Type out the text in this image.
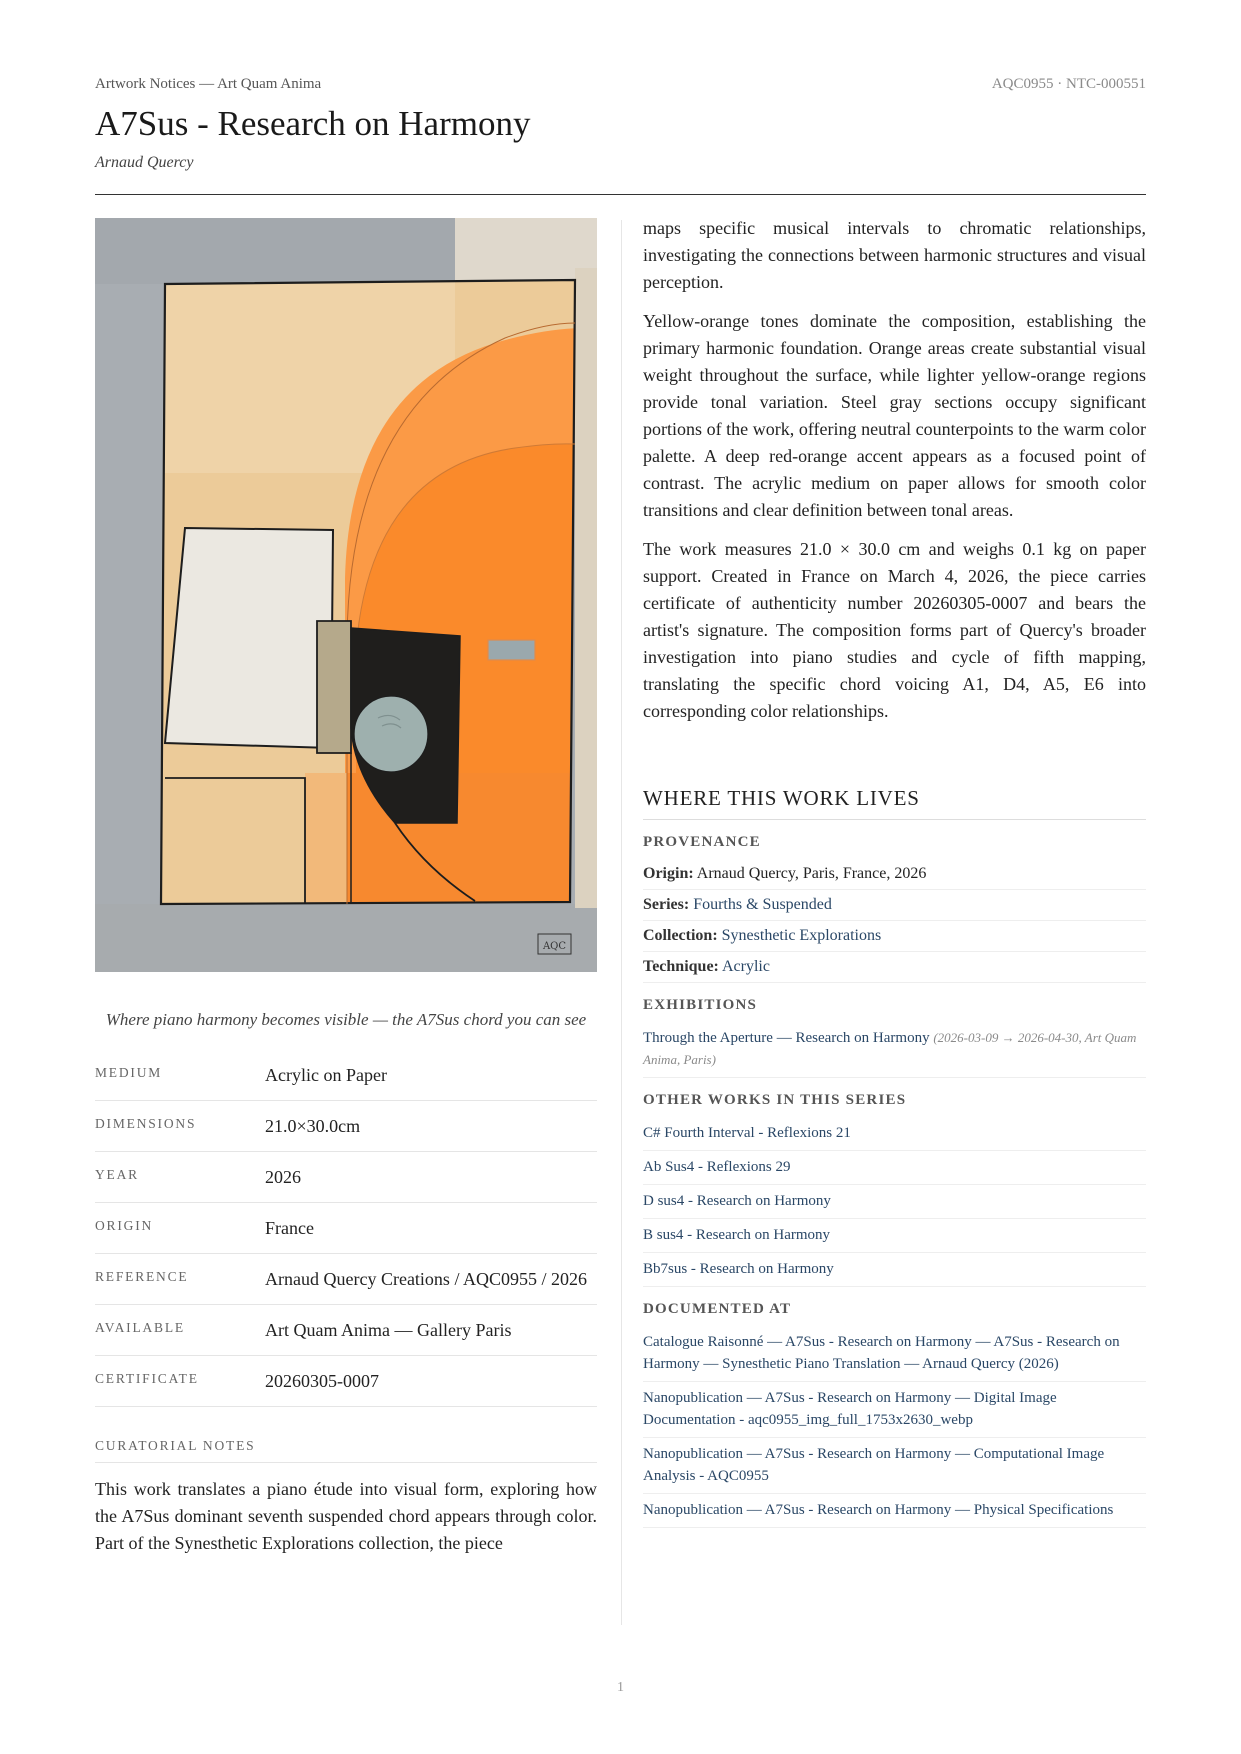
Artwork Notices — Art Quam Anima	AQC0955 · NTC-000551
A7Sus - Research on Harmony
Arnaud Quercy
AQC
Where piano harmony becomes visible — the A7Sus chord you can see
MEDIUM	Acrylic on Paper
DIMENSIONS	21.0×30.0cm
YEAR	2026
ORIGIN	France
REFERENCE	Arnaud Quercy Creations / AQC0955 / 2026
AVAILABLE	Art Quam Anima — Gallery Paris
CERTIFICATE	20260305-0007
CURATORIAL NOTES
This work translates a piano étude into visual form, exploring how the A7Sus dominant seventh suspended chord appears through color. Part of the Synesthetic Explorations collection, the piece

maps specific musical intervals to chromatic relationships, investigating the connections between harmonic structures and visual perception.

Yellow-orange tones dominate the composition, establishing the primary harmonic foundation. Orange areas create substantial visual weight throughout the surface, while lighter yellow-orange regions provide tonal variation. Steel gray sections occupy significant portions of the work, offering neutral counterpoints to the warm color palette. A deep red-orange accent appears as a focused point of contrast. The acrylic medium on paper allows for smooth color transitions and clear definition between tonal areas.

The work measures 21.0 × 30.0 cm and weighs 0.1 kg on paper support. Created in France on March 4, 2026, the piece carries certificate of authenticity number 20260305-0007 and bears the artist's signature. The composition forms part of Quercy's broader investigation into piano studies and cycle of fifth mapping, translating the specific chord voicing A1, D4, A5, E6 into corresponding color relationships.

WHERE THIS WORK LIVES
PROVENANCE
Origin: Arnaud Quercy, Paris, France, 2026
Series: Fourths & Suspended
Collection: Synesthetic Explorations
Technique: Acrylic
EXHIBITIONS
Through the Aperture — Research on Harmony (2026-03-09 → 2026-04-30, Art Quam Anima, Paris)
OTHER WORKS IN THIS SERIES
C# Fourth Interval - Reflexions 21
Ab Sus4 - Reflexions 29
D sus4 - Research on Harmony
B sus4 - Research on Harmony
Bb7sus - Research on Harmony
DOCUMENTED AT
Catalogue Raisonné — A7Sus - Research on Harmony — A7Sus - Research on Harmony — Synesthetic Piano Translation — Arnaud Quercy (2026)
Nanopublication — A7Sus - Research on Harmony — Digital Image Documentation - aqc0955_img_full_1753x2630_webp
Nanopublication — A7Sus - Research on Harmony — Computational Image Analysis - AQC0955
Nanopublication — A7Sus - Research on Harmony — Physical Specifications
1
